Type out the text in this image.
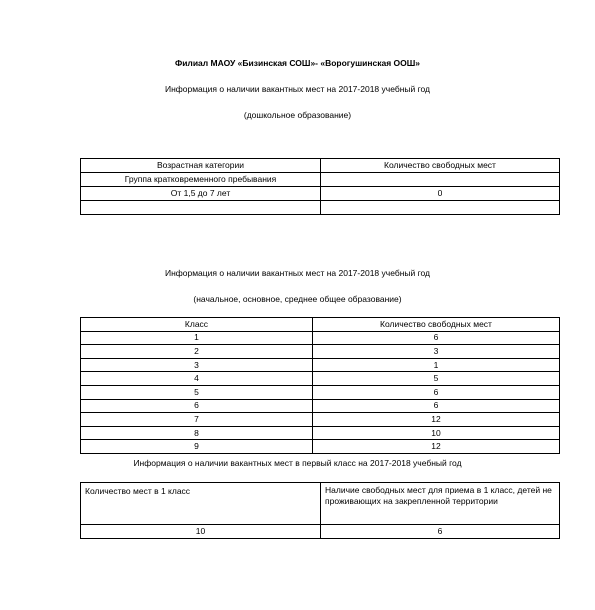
Филиал МАОУ «Бизинская СОШ»- «Ворогушинская ООШ»
Информация о наличии вакантных мест на 2017-2018 учебный год
(дошкольное образование)
Возрастная категории	Количество свободных мест
Группа кратковременного пребывания	
От 1,5 до 7 лет	0

Информация о наличии вакантных мест на 2017-2018 учебный год
(начальное, основное, среднее общее образование)
Класс	Количество свободных мест
1	6
2	3
3	1
4	5
5	6
6	6
7	12
8	10
9	12
Информация о наличии вакантных мест в первый класс на 2017-2018 учебный год
Количество мест в 1 класс	Наличие свободных мест для приема в 1 класс, детей не проживающих на закрепленной территории
10	6
